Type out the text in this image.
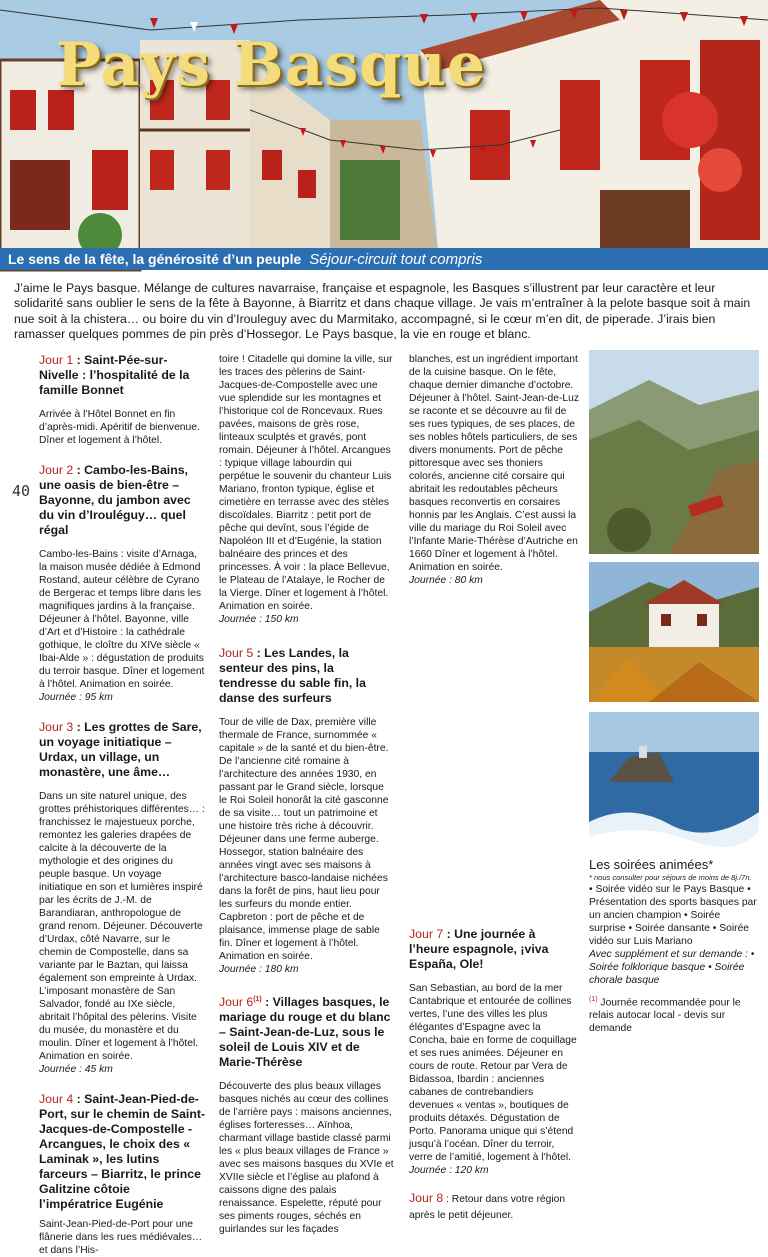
Pays Basque
Le sens de la fête, la générosité d’un peuple Séjour-circuit tout compris

J’aime le Pays basque. Mélange de cultures navarraise, française et espagnole, les Basques s’illustrent par leur caractère et leur solidarité sans oublier le sens de la fête à Bayonne, à Biarritz et dans chaque village. Je vais m’entraîner à la pelote basque soit à main nue soit à la chistera… ou boire du vin d’Irouleguy avec du Marmitako, accompagné, si le cœur m’en dit, de piperade. J’irais bien ramasser quelques pommes de pin près d’Hossegor. Le Pays basque, la vie en rouge et blanc.

40

Jour 1 : Saint-Pée-sur-Nivelle : l’hospitalité de la famille Bonnet

Arrivée à l’Hôtel Bonnet en fin d’après-midi. Apéritif de bienvenue. Dîner et logement à l’hôtel.

Jour 2 : Cambo-les-Bains, une oasis de bien-être – Bayonne, du jambon avec du vin d’Irouléguy… quel régal

Cambo-les-Bains : visite d’Arnaga, la maison musée dédiée à Edmond Rostand, auteur célèbre de Cyrano de Bergerac et temps libre dans les magnifiques jardins à la française. Déjeuner à l’hôtel. Bayonne, ville d’Art et d’Histoire : la cathédrale gothique, le cloître du XIVe siècle « Ibai-Alde » : dégustation de produits du terroir basque. Dîner et logement à l’hôtel. Animation en soirée.

Journée : 95 km

Jour 3 : Les grottes de Sare, un voyage initiatique – Urdax, un village, un monastère, une âme…

Dans un site naturel unique, des grottes préhistoriques différentes… : franchissez le majestueux porche, remontez les galeries drapées de calcite à la découverte de la mythologie et des origines du peuple basque. Un voyage initiatique en son et lumières inspiré par les écrits de J.-M. de Barandiaran, anthropologue de grand renom. Déjeuner. Découverte d’Urdax, côté Navarre, sur le chemin de Compostelle, dans sa variante par le Baztan, qui laissa également son empreinte à Urdax. L’imposant monastère de San Salvador, fondé au IXe siècle, abritait l’hôpital des pèlerins. Visite du musée, du monastère et du moulin. Dîner et logement à l’hôtel. Animation en soirée.

Journée : 45 km

Jour 4 : Saint-Jean-Pied-de-Port, sur le chemin de Saint-Jacques-de-Compostelle - Arcangues, le choix des « Laminak », les lutins farceurs – Biarritz, le prince Galitzine côtoie l’impératrice Eugénie

Saint-Jean-Pied-de-Port pour une flânerie dans les rues médiévales… et dans l’His-

toire ! Citadelle qui domine la ville, sur les traces des pèlerins de Saint-Jacques-de-Compostelle avec une vue splendide sur les montagnes et l’historique col de Roncevaux. Rues pavées, maisons de grès rose, linteaux sculptés et gravés, pont romain. Déjeuner à l’hôtel. Arcangues : typique village labourdin qui perpétue le souvenir du chanteur Luis Mariano, fronton typique, église et cimetière en terrasse avec des stèles discoïdales. Biarritz : petit port de pêche qui devînt, sous l’égide de Napoléon III et d’Eugénie, la station balnéaire des princes et des princesses. À voir : la place Bellevue, le Plateau de l’Atalaye, le Rocher de la Vierge. Dîner et logement à l’hôtel. Animation en soirée.

Journée : 150 km

Jour 5 : Les Landes, la senteur des pins, la tendresse du sable fin, la danse des surfeurs

Tour de ville de Dax, première ville thermale de France, surnommée « capitale » de la santé et du bien-être. De l’ancienne cité romaine à l’architecture des années 1930, en passant par le Grand siècle, lorsque le Roi Soleil honorât la cité gasconne de sa visite… tout un patrimoine et une histoire très riche à découvrir. Déjeuner dans une ferme auberge. Hossegor, station balnéaire des années vingt avec ses maisons à l’architecture basco-landaise nichées dans la forêt de pins, haut lieu pour les surfeurs du monde entier. Capbreton : port de pêche et de plaisance, immense plage de sable fin. Dîner et logement à l’hôtel. Animation en soirée.

Journée : 180 km

Jour 6$^{(1)}$ : Villages basques, le mariage du rouge et du blanc – Saint-Jean-de-Luz, sous le soleil de Louis XIV et de Marie-Thérèse

Découverte des plus beaux villages basques nichés au cœur des collines de l’arrière pays : maisons anciennes, églises forteresses… Aïnhoa, charmant village bastide classé parmi les « plus beaux villages de France » avec ses maisons basques du XVIe et XVIIe siècle et l’église au plafond à caissons digne des palais renaissance. Espelette, réputé pour ses piments rouges, séchés en guirlandes sur les façades

blanches, est un ingrédient important de la cuisine basque. On le fête, chaque dernier dimanche d’octobre. Déjeuner à l’hôtel. Saint-Jean-de-Luz se raconte et se découvre au fil de ses rues typiques, de ses places, de ses nobles hôtels particuliers, de ses divers monuments. Port de pêche pittoresque avec ses thoniers colorés, ancienne cité corsaire qui abritait les redoutables pêcheurs basques reconvertis en corsaires honnis par les Anglais. C’est aussi la ville du mariage du Roi Soleil avec l’Infante Marie-Thérèse d’Autriche en 1660 Dîner et logement à l’hôtel. Animation en soirée.

Journée : 80 km

Jour 7 : Une journée à l’heure espagnole, ¡viva España, Ole!

San Sebastian, au bord de la mer Cantabrique et entourée de collines vertes, l’une des villes les plus élégantes d’Espagne avec la Concha, baie en forme de coquillage et ses rues animées. Déjeuner en cours de route. Retour par Vera de Bidassoa, Ibardin : anciennes cabanes de contrebandiers devenues « ventas », boutiques de produits détaxés. Dégustation de Porto. Panorama unique qui s’étend jusqu’à l’océan. Dîner du terroir, verre de l’amitié, logement à l’hôtel.

Journée : 120 km

Jour 8 : Retour dans votre région après le petit déjeuner.

Les soirées animées*

* nous consulter pour séjours de moins de 8j./7n.

• Soirée vidéo sur le Pays Basque • Présentation des sports basques par un ancien champion • Soirée surprise • Soirée dansante • Soirée vidéo sur Luis Mariano

Avec supplément et sur demande : • Soirée folklorique basque • Soirée chorale basque

$^{(1)}$ Journée recommandée pour le relais autocar local - devis sur demande
